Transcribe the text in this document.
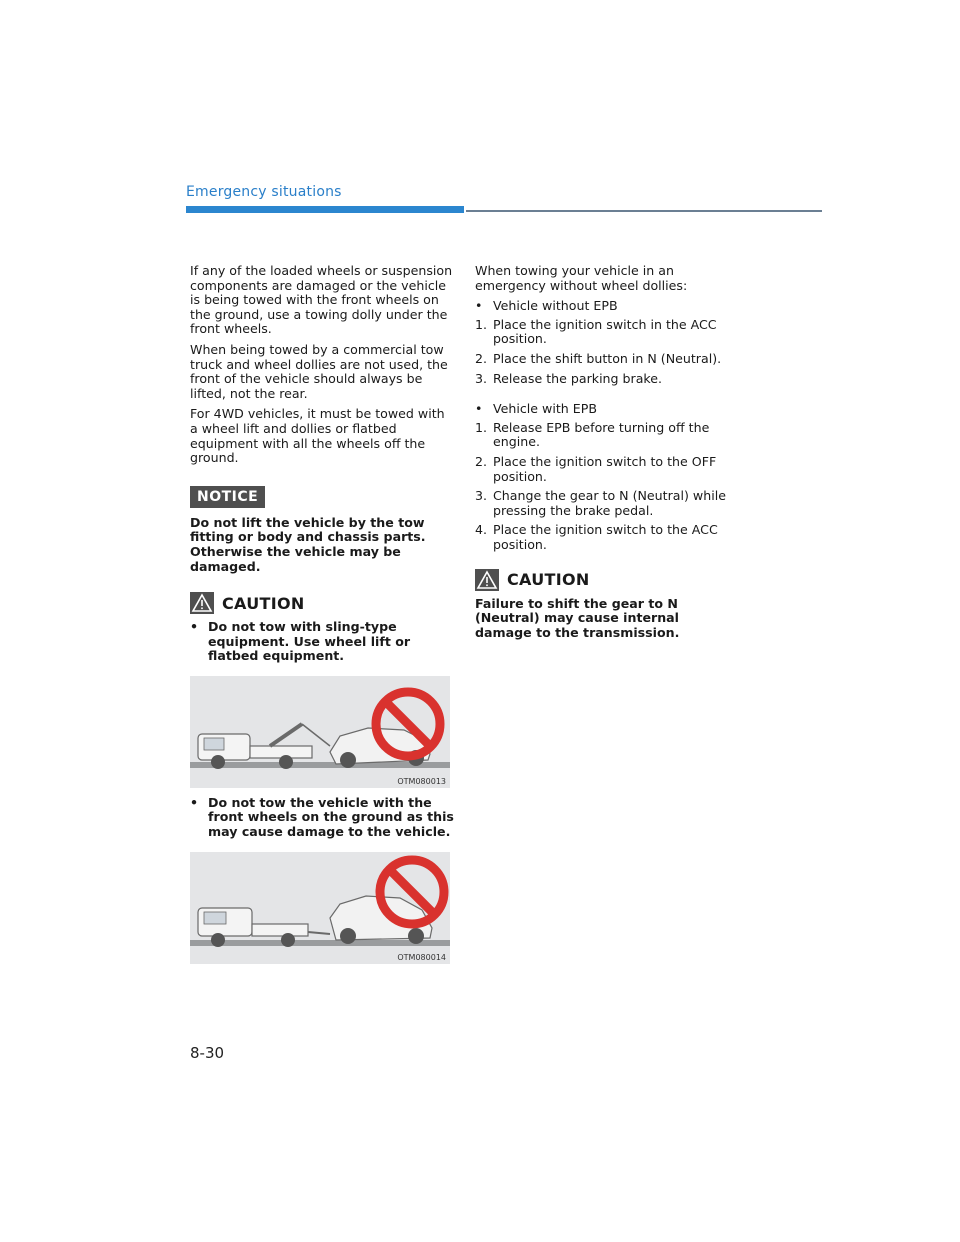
Emergency situations

If any of the loaded wheels or suspension components are damaged or the vehicle is being towed with the front wheels on the ground, use a towing dolly under the front wheels.

When being towed by a commercial tow truck and wheel dollies are not used, the front of the vehicle should always be lifted, not the rear.

For 4WD vehicles, it must be towed with a wheel lift and dollies or flatbed equipment with all the wheels off the ground.

NOTICE

Do not lift the vehicle by the tow fitting or body and chassis parts. Otherwise the vehicle may be damaged.

CAUTION
• Do not tow with sling-type equipment. Use wheel lift or flatbed equipment.
OTM080013
• Do not tow the vehicle with the front wheels on the ground as this may cause damage to the vehicle.
OTM080014

When towing your vehicle in an emergency without wheel dollies:

• Vehicle without EPB
1. Place the ignition switch in the ACC position.
2. Place the shift button in N (Neutral).
3. Release the parking brake.
• Vehicle with EPB
1. Release EPB before turning off the engine.
2. Place the ignition switch to the OFF position.
3. Change the gear to N (Neutral) while pressing the brake pedal.
4. Place the ignition switch to the ACC position.
CAUTION

Failure to shift the gear to N (Neutral) may cause internal damage to the transmission.

8-30
